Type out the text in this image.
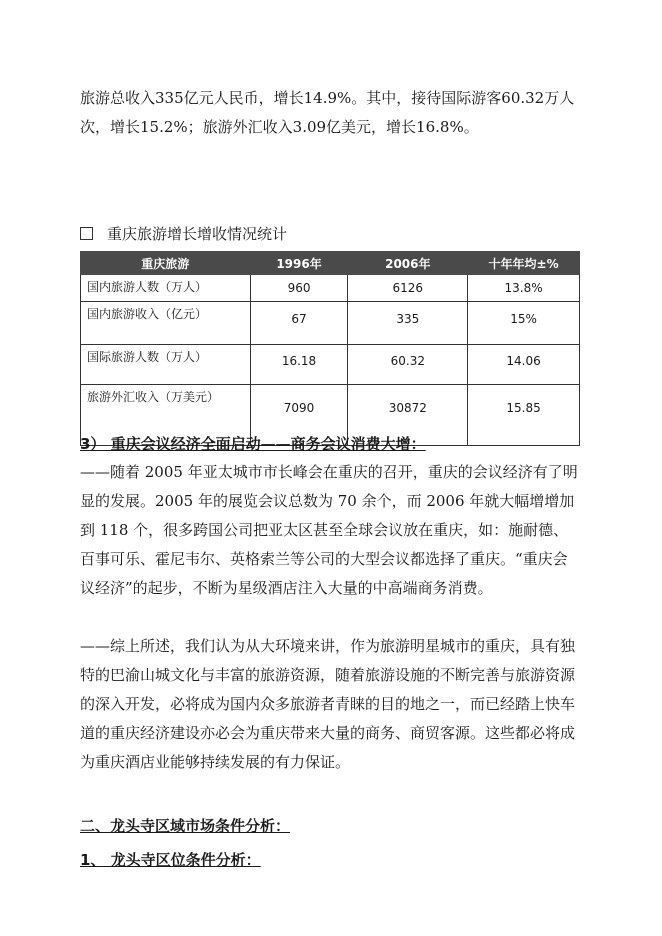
旅游总收入335亿元人民币，增长14.9%。其中，接待国际游客60.32万人次，增长15.2%；旅游外汇收入3.09亿美元，增长16.8%。

重庆旅游增长增收情况统计

重庆旅游	1996年	2006年	十年年均±%
国内旅游人数（万人）	960	6126	13.8%
国内旅游收入（亿元）	67	335	15%
国际旅游人数（万人）	16.18	60.32	14.06
旅游外汇收入（万美元）	7090	30872	15.85

3） 重庆会议经济全面启动——商务会议消费大增：

——随着 2005 年亚太城市市长峰会在重庆的召开，重庆的会议经济有了明显的发展。2005 年的展览会议总数为 70 余个，而 2006 年就大幅增增加到 118 个，很多跨国公司把亚太区甚至全球会议放在重庆，如：施耐德、百事可乐、霍尼韦尔、英格索兰等公司的大型会议都选择了重庆。“重庆会议经济”的起步，不断为星级酒店注入大量的中高端商务消费。

——综上所述，我们认为从大环境来讲，作为旅游明星城市的重庆，具有独特的巴渝山城文化与丰富的旅游资源，随着旅游设施的不断完善与旅游资源的深入开发，必将成为国内众多旅游者青睐的目的地之一，而已经踏上快车道的重庆经济建设亦必会为重庆带来大量的商务、商贸客源。这些都必将成为重庆酒店业能够持续发展的有力保证。

二、龙头寺区域市场条件分析：

1、 龙头寺区位条件分析：
